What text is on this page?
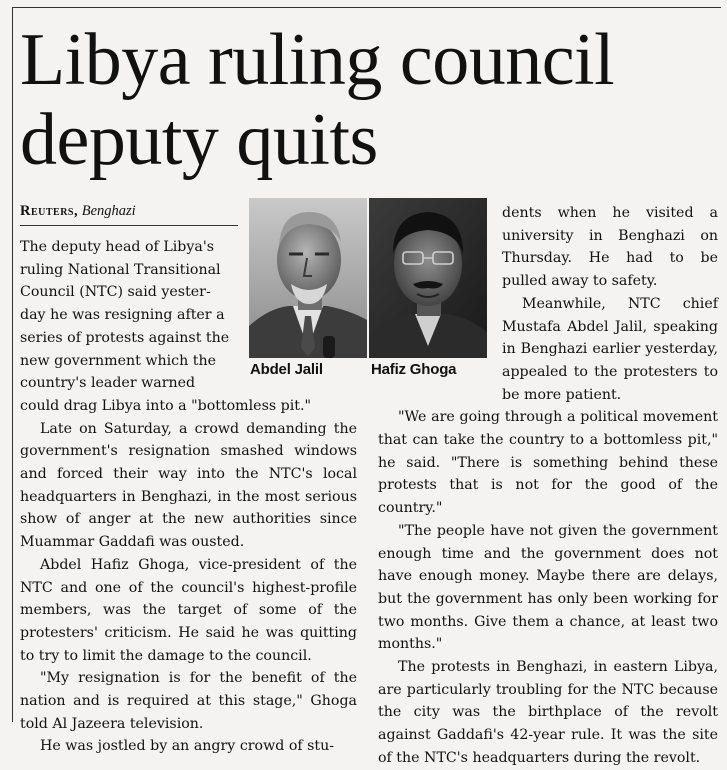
Libya ruling council deputy quits
Reuters, Benghazi
Abdel Jalil	Hafiz Ghoga
The deputy head of Libya's
ruling National Transitional
Council (NTC) said yester-
day he was resigning after a
series of protests against the
new government which the
country's leader warned

could drag Libya into a "bottomless pit."

Late on Saturday, a crowd demanding the government's resignation smashed windows and forced their way into the NTC's local headquarters in Benghazi, in the most serious show of anger at the new authorities since Muammar Gaddafi was ousted.

Abdel Hafiz Ghoga, vice-president of the NTC and one of the council's highest-profile members, was the target of some of the protesters' criticism. He said he was quitting to try to limit the damage to the council.

"My resignation is for the benefit of the nation and is required at this stage," Ghoga told Al Jazeera television.

He was jostled by an angry crowd of stu-

dents when he visited a university in Benghazi on Thursday. He had to be pulled away to safety.

Meanwhile, NTC chief Mustafa Abdel Jalil, speaking in Benghazi earlier yesterday, appealed to the protesters to be more patient.

"We are going through a political movement that can take the country to a bottomless pit," he said. "There is something behind these protests that is not for the good of the country."

"The people have not given the government enough time and the government does not have enough money. Maybe there are delays, but the government has only been working for two months. Give them a chance, at least two months."

The protests in Benghazi, in eastern Libya, are particularly troubling for the NTC because the city was the birthplace of the revolt against Gaddafi's 42-year rule. It was the site of the NTC's headquarters during the revolt.
